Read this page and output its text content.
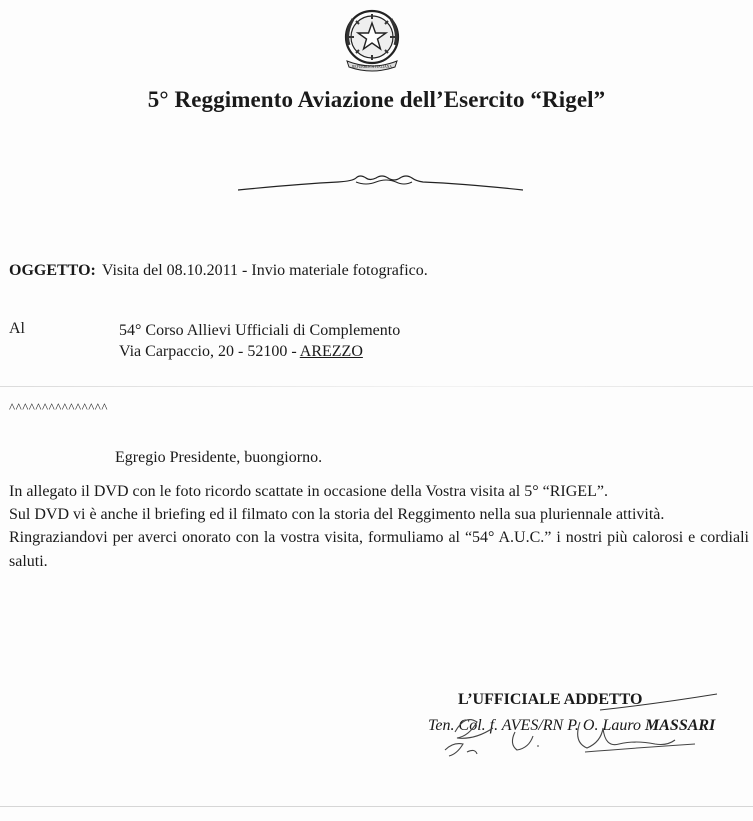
REPUBBLICA ITALIANA
5° Reggimento Aviazione dell’Esercito “Rigel”
OGGETTO: Visita del 08.10.2011 - Invio materiale fotografico.
Al	54° Corso Allievi Ufficiali di Complemento
Via Carpaccio, 20 - 52100 - AREZZO
^^^^^^^^^^^^^^^
Egregio Presidente, buongiorno.

In allegato il DVD con le foto ricordo scattate in occasione della Vostra visita al 5° “RIGEL”.

Sul DVD vi è anche il briefing ed il filmato con la storia del Reggimento nella sua pluriennale attività.

Ringraziandovi per averci onorato con la vostra visita, formuliamo al “54° A.U.C.” i nostri più calorosi e cordiali saluti.

L’UFFICIALE ADDETTO
Ten. Col. f. AVES/RN P. O. Lauro MASSARI
